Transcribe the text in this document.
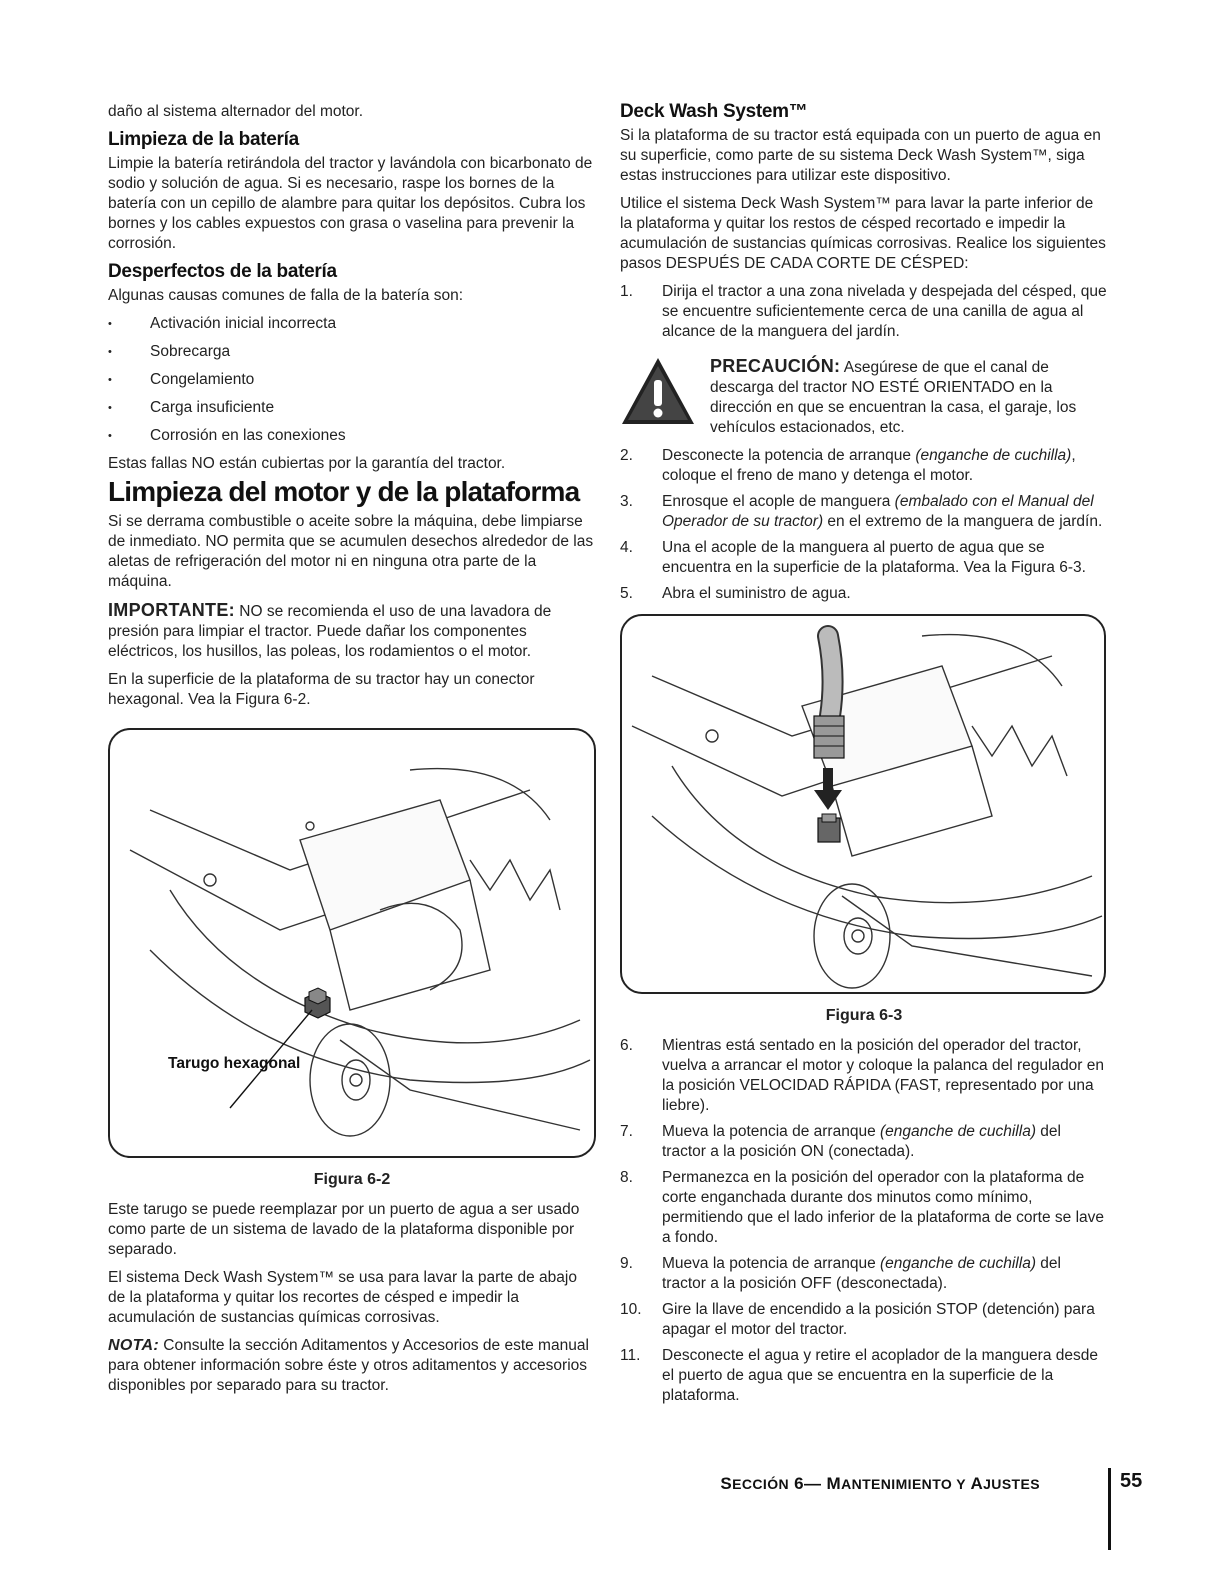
daño al sistema alternador del motor.

Limpieza de la batería

Limpie la batería retirándola del tractor y lavándola con bicarbonato de sodio y solución de agua. Si es necesario, raspe los bornes de la batería con un cepillo de alambre para quitar los depósitos. Cubra los bornes y los cables expuestos con grasa o vaselina para prevenir la corrosión.

Desperfectos de la batería

Algunas causas comunes de falla de la batería son:

• Activación inicial incorrecta
• Sobrecarga
• Congelamiento
• Carga insuficiente
• Corrosión en las conexiones

Estas fallas NO están cubiertas por la garantía del tractor.

Limpieza del motor y de la plataforma

Si se derrama combustible o aceite sobre la máquina, debe limpiarse de inmediato. NO permita que se acumulen desechos alrededor de las aletas de refrigeración del motor ni en ninguna otra parte de la máquina.

IMPORTANTE: NO se recomienda el uso de una lavadora de presión para limpiar el tractor. Puede dañar los componentes eléctricos, los husillos, las poleas, los rodamientos o el motor.

En la superficie de la plataforma de su tractor hay un conector hexagonal. Vea la Figura 6-2.

Tarugo hexagonal
Figura 6-2

Este tarugo se puede reemplazar por un puerto de agua a ser usado como parte de un sistema de lavado de la plataforma disponible por separado.

El sistema Deck Wash System™ se usa para lavar la parte de abajo de la plataforma y quitar los recortes de césped e impedir la acumulación de sustancias químicas corrosivas.

NOTA: Consulte la sección Aditamentos y Accesorios de este manual para obtener información sobre éste y otros aditamentos y accesorios disponibles por separado para su tractor.

Deck Wash System™

Si la plataforma de su tractor está equipada con un puerto de agua en su superficie, como parte de su sistema Deck Wash System™, siga estas instrucciones para utilizar este dispositivo.

Utilice el sistema Deck Wash System™ para lavar la parte inferior de la plataforma y quitar los restos de césped recortado e impedir la acumulación de sustancias químicas corrosivas. Realice los siguientes pasos DESPUÉS DE CADA CORTE DE CÉSPED:

1. Dirija el tractor a una zona nivelada y despejada del césped, que se encuentre suficientemente cerca de una canilla de agua al alcance de la manguera del jardín.
PRECAUCIÓN: Asegúrese de que el canal de descarga del tractor NO ESTÉ ORIENTADO en la dirección en que se encuentran la casa, el garaje, los vehículos estacionados, etc.
2. Desconecte la potencia de arranque (enganche de cuchilla), coloque el freno de mano y detenga el motor.
3. Enrosque el acople de manguera (embalado con el Manual del Operador de su tractor) en el extremo de la manguera de jardín.
4. Una el acople de la manguera al puerto de agua que se encuentra en la superficie de la plataforma. Vea la Figura 6-3.
5. Abra el suministro de agua.
Figura 6-3
6. Mientras está sentado en la posición del operador del tractor, vuelva a arrancar el motor y coloque la palanca del regulador en la posición VELOCIDAD RÁPIDA (FAST, representado por una liebre).
7. Mueva la potencia de arranque (enganche de cuchilla) del tractor a la posición ON (conectada).
8. Permanezca en la posición del operador con la plataforma de corte enganchada durante dos minutos como mínimo, permitiendo que el lado inferior de la plataforma de corte se lave a fondo.
9. Mueva la potencia de arranque (enganche de cuchilla) del tractor a la posición OFF (desconectada).
10. Gire la llave de encendido a la posición STOP (detención) para apagar el motor del tractor.
11. Desconecte el agua y retire el acoplador de la manguera desde el puerto de agua que se encuentra en la superficie de la plataforma.
SECCIÓN 6— MANTENIMIENTO Y AJUSTES	55
